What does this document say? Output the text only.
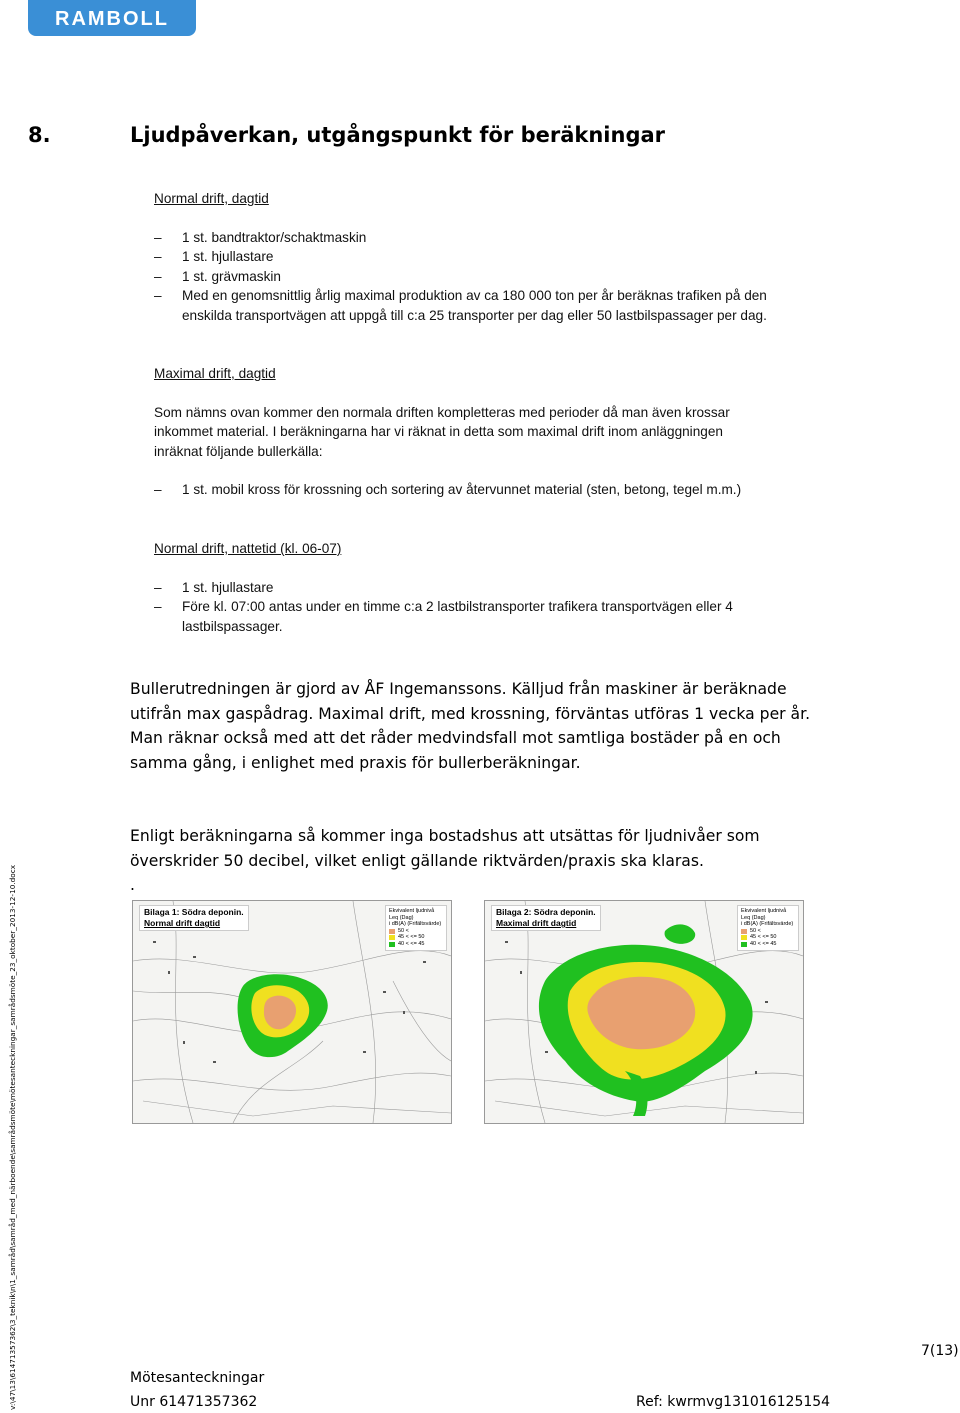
RAMBOLL
8.	Ljudpåverkan, utgångspunkt för beräkningar

Normal drift, dagtid

– 1 st. bandtraktor/schaktmaskin
– 1 st. hjullastare
– 1 st. grävmaskin
– Med en genomsnittlig årlig maximal produktion av ca 180 000 ton per år beräknas trafiken på den enskilda transportvägen att uppgå till c:a 25 transporter per dag eller 50 lastbilspassager per dag.

Maximal drift, dagtid

Som nämns ovan kommer den normala driften kompletteras med perioder då man även krossar inkommet material. I beräkningarna har vi räknat in detta som maximal drift inom anläggningen inräknat följande bullerkälla:

– 1 st. mobil kross för krossning och sortering av återvunnet material (sten, betong, tegel m.m.)

Normal drift, nattetid (kl. 06-07)

– 1 st. hjullastare
– Före kl. 07:00 antas under en timme c:a 2 lastbilstransporter trafikera transportvägen eller 4 lastbilspassager.
Bullerutredningen är gjord av ÅF Ingemanssons. Källjud från maskiner är beräknade utifrån max gaspådrag. Maximal drift, med krossning, förväntas utföras 1 vecka per år. Man räknar också med att det råder medvindsfall mot samtliga bostäder på en och samma gång, i enlighet med praxis för bullerberäkningar.
Enligt beräkningarna så kommer inga bostadshus att utsättas för ljudnivåer som överskrider 50 decibel, vilket enligt gällande riktvärden/praxis ska klaras.
.
Bilaga 1: Södra deponin.
Normal drift dagtid
Ekvivalent ljudnivå
Leq (Dag)
i dB(A) (Frifältsvärde)
50 <
45 < <= 50
40 < <= 45
Bilaga 2: Södra deponin.
Maximal drift dagtid
Ekvivalent ljudnivå
Leq (Dag)
i dB(A) (Frifältsvärde)
50 <
45 < <= 50
40 < <= 45
v:\47\13\61471357362\3_teknik\n\1_samråd\samråd_med_närboende\samrådsmöte\mötesanteckningar_samrådsmöte_23_oktober_2013-12-10.docx	7(13)
Mötesanteckningar
Unr 61471357362	Ref: kwrmvg131016125154
